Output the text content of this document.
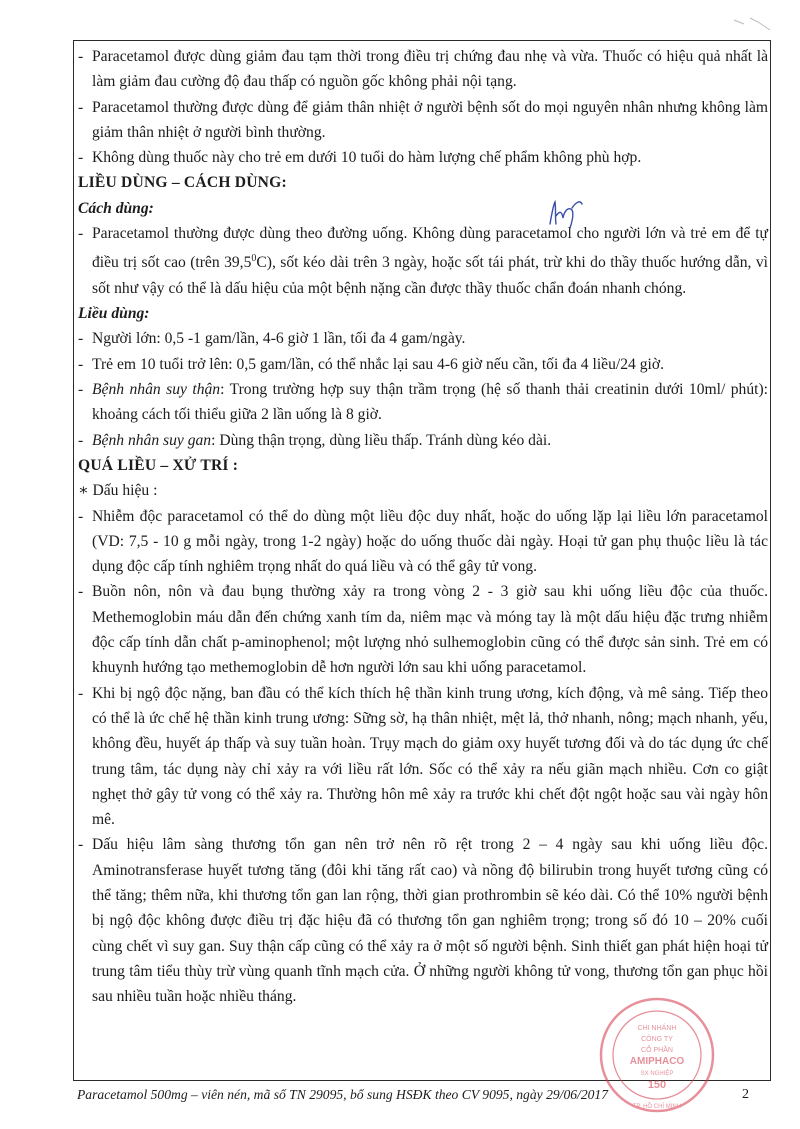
- Paracetamol được dùng giảm đau tạm thời trong điều trị chứng đau nhẹ và vừa. Thuốc có hiệu quả nhất là làm giảm đau cường độ đau thấp có nguồn gốc không phải nội tạng.
- Paracetamol thường được dùng để giảm thân nhiệt ở người bệnh sốt do mọi nguyên nhân nhưng không làm giảm thân nhiệt ở người bình thường.
- Không dùng thuốc này cho trẻ em dưới 10 tuổi do hàm lượng chế phẩm không phù hợp.
LIỀU DÙNG – CÁCH DÙNG:
Cách dùng:
- Paracetamol thường được dùng theo đường uống. Không dùng paracetamol cho người lớn và trẻ em để tự điều trị sốt cao (trên 39,5$^0$C), sốt kéo dài trên 3 ngày, hoặc sốt tái phát, trừ khi do thầy thuốc hướng dẫn, vì sốt như vậy có thể là dấu hiệu của một bệnh nặng cần được thầy thuốc chẩn đoán nhanh chóng.
Liều dùng:
- Người lớn: 0,5 -1 gam/lần, 4-6 giờ 1 lần, tối đa 4 gam/ngày.
- Trẻ em 10 tuổi trở lên: 0,5 gam/lần, có thể nhắc lại sau 4-6 giờ nếu cần, tối đa 4 liều/24 giờ.
- Bệnh nhân suy thận: Trong trường hợp suy thận trầm trọng (hệ số thanh thải creatinin dưới 10ml/ phút): khoảng cách tối thiểu giữa 2 lần uống là 8 giờ.
- Bệnh nhân suy gan: Dùng thận trọng, dùng liều thấp. Tránh dùng kéo dài.
QUÁ LIỀU – XỬ TRÍ :
∗ Dấu hiệu :
- Nhiễm độc paracetamol có thể do dùng một liều độc duy nhất, hoặc do uống lặp lại liều lớn paracetamol (VD: 7,5 - 10 g mỗi ngày, trong 1-2 ngày) hoặc do uống thuốc dài ngày. Hoại tử gan phụ thuộc liều là tác dụng độc cấp tính nghiêm trọng nhất do quá liều và có thể gây tử vong.
- Buồn nôn, nôn và đau bụng thường xảy ra trong vòng 2 - 3 giờ sau khi uống liều độc của thuốc. Methemoglobin máu dẫn đến chứng xanh tím da, niêm mạc và móng tay là một dấu hiệu đặc trưng nhiễm độc cấp tính dẫn chất p-aminophenol; một lượng nhỏ sulhemoglobin cũng có thể được sản sinh. Trẻ em có khuynh hướng tạo methemoglobin dễ hơn người lớn sau khi uống paracetamol.
- Khi bị ngộ độc nặng, ban đầu có thể kích thích hệ thần kinh trung ương, kích động, và mê sảng. Tiếp theo có thể là ức chế hệ thần kinh trung ương: Sững sờ, hạ thân nhiệt, mệt lả, thở nhanh, nông; mạch nhanh, yếu, không đều, huyết áp thấp và suy tuần hoàn. Trụy mạch do giảm oxy huyết tương đối và do tác dụng ức chế trung tâm, tác dụng này chỉ xảy ra với liều rất lớn. Sốc có thể xảy ra nếu giãn mạch nhiều. Cơn co giật nghẹt thở gây tử vong có thể xảy ra. Thường hôn mê xảy ra trước khi chết đột ngột hoặc sau vài ngày hôn mê.
- Dấu hiệu lâm sàng thương tổn gan nên trở nên rõ rệt trong 2 – 4 ngày sau khi uống liều độc. Aminotransferase huyết tương tăng (đôi khi tăng rất cao) và nồng độ bilirubin trong huyết tương cũng có thể tăng; thêm nữa, khi thương tổn gan lan rộng, thời gian prothrombin sẽ kéo dài. Có thể 10% người bệnh bị ngộ độc không được điều trị đặc hiệu đã có thương tổn gan nghiêm trọng; trong số đó 10 – 20% cuối cùng chết vì suy gan. Suy thận cấp cũng có thể xảy ra ở một số người bệnh. Sinh thiết gan phát hiện hoại tử trung tâm tiểu thùy trừ vùng quanh tĩnh mạch cửa. Ở những người không tử vong, thương tổn gan phục hồi sau nhiều tuần hoặc nhiều tháng.
CHI NHÁNH
CÔNG TY
CỔ PHẦN
AMIPHACO
SX NGHIỆP
150
TP. HỒ CHÍ MINH
Paracetamol 500mg – viên nén, mã số TN 29095, bổ sung HSĐK theo CV 9095, ngày 29/06/2017	2
